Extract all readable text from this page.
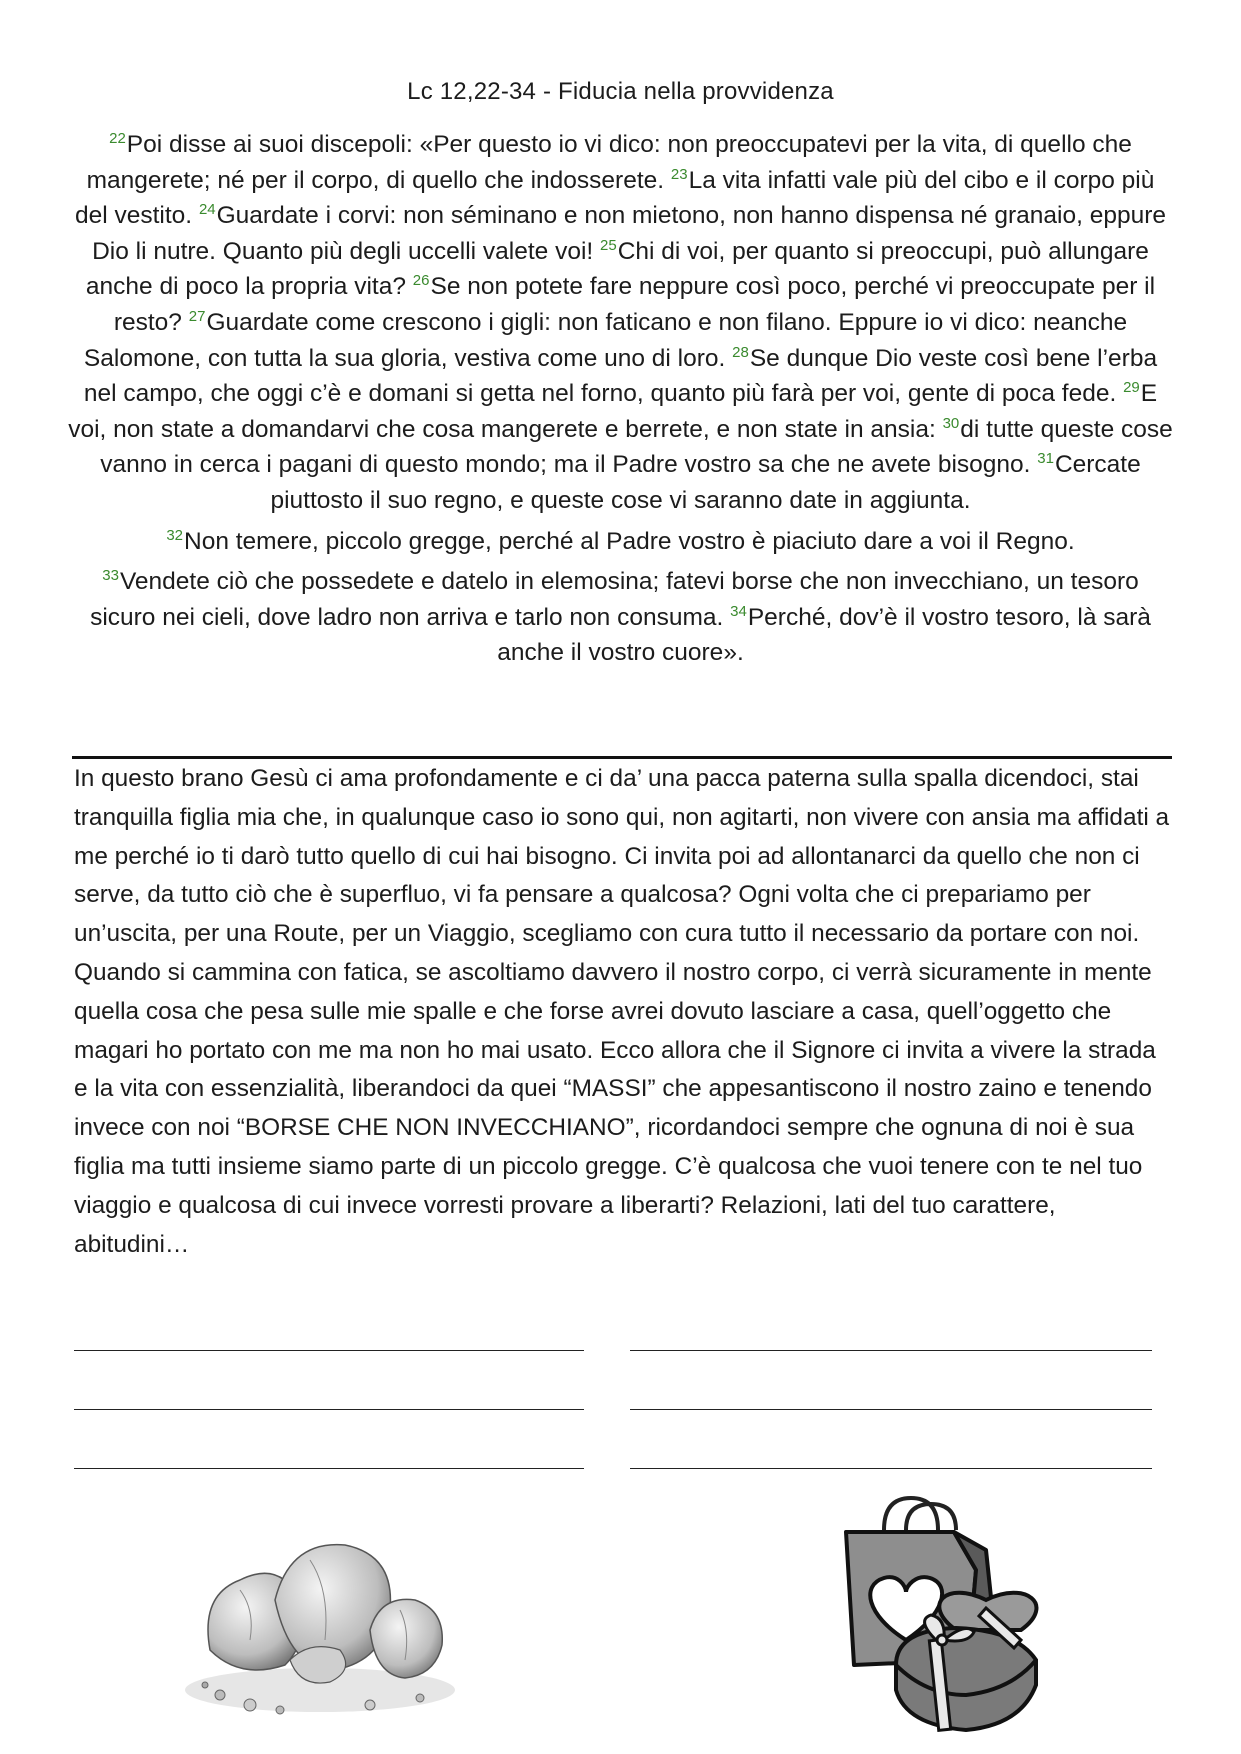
Lc 12,22-34 - Fiducia nella provvidenza

$^{22}$Poi disse ai suoi discepoli: «Per questo io vi dico: non preoccupatevi per la vita, di quello che mangerete; né per il corpo, di quello che indosserete. $^{23}$La vita infatti vale più del cibo e il corpo più del vestito. $^{24}$Guardate i corvi: non séminano e non mietono, non hanno dispensa né granaio, eppure Dio li nutre. Quanto più degli uccelli valete voi! $^{25}$Chi di voi, per quanto si preoccupi, può allungare anche di poco la propria vita? $^{26}$Se non potete fare neppure così poco, perché vi preoccupate per il resto? $^{27}$Guardate come crescono i gigli: non faticano e non filano. Eppure io vi dico: neanche Salomone, con tutta la sua gloria, vestiva come uno di loro. $^{28}$Se dunque Dio veste così bene l’erba nel campo, che oggi c’è e domani si getta nel forno, quanto più farà per voi, gente di poca fede. $^{29}$E voi, non state a domandarvi che cosa mangerete e berrete, e non state in ansia: $^{30}$di tutte queste cose vanno in cerca i pagani di questo mondo; ma il Padre vostro sa che ne avete bisogno. $^{31}$Cercate piuttosto il suo regno, e queste cose vi saranno date in aggiunta.

$^{32}$Non temere, piccolo gregge, perché al Padre vostro è piaciuto dare a voi il Regno.

$^{33}$Vendete ciò che possedete e datelo in elemosina; fatevi borse che non invecchiano, un tesoro sicuro nei cieli, dove ladro non arriva e tarlo non consuma. $^{34}$Perché, dov’è il vostro tesoro, là sarà anche il vostro cuore».

In questo brano Gesù ci ama profondamente e ci da’ una pacca paterna sulla spalla dicendoci, stai tranquilla figlia mia che, in qualunque caso io sono qui, non agitarti, non vivere con ansia ma affidati a me perché io ti darò tutto quello di cui hai bisogno. Ci invita poi ad allontanarci da quello che non ci serve, da tutto ciò che è superfluo, vi fa pensare a qualcosa? Ogni volta che ci prepariamo per un’uscita, per una Route, per un Viaggio, scegliamo con cura tutto il necessario da portare con noi. Quando si cammina con fatica, se ascoltiamo davvero il nostro corpo, ci verrà sicuramente in mente quella cosa che pesa sulle mie spalle e che forse avrei dovuto lasciare a casa, quell’oggetto che magari ho portato con me ma non ho mai usato. Ecco allora che il Signore ci invita a vivere la strada e la vita con essenzialità, liberandoci da quei “MASSI” che appesantiscono il nostro zaino e tenendo invece con noi “BORSE CHE NON INVECCHIANO”, ricordandoci sempre che ognuna di noi è sua figlia ma tutti insieme siamo parte di un piccolo gregge. C’è qualcosa che vuoi tenere con te nel tuo viaggio e qualcosa di cui invece vorresti provare a liberarti? Relazioni, lati del tuo carattere, abitudini…
